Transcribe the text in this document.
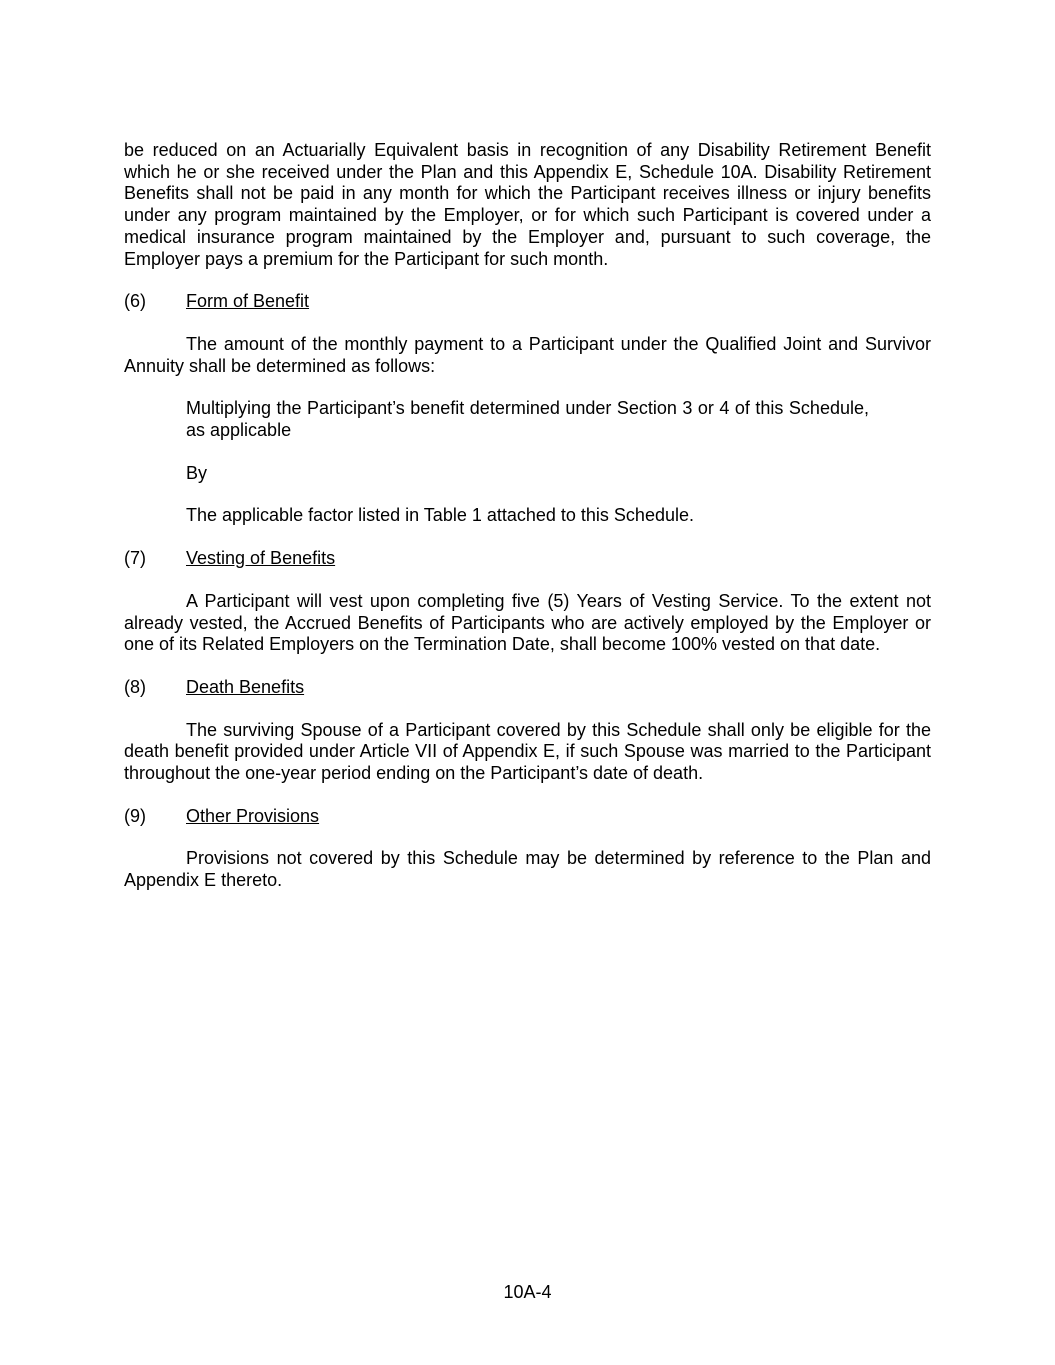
be reduced on an Actuarially Equivalent basis in recognition of any Disability Retirement Benefit which he or she received under the Plan and this Appendix E, Schedule 10A. Disability Retirement Benefits shall not be paid in any month for which the Participant receives illness or injury benefits under any program maintained by the Employer, or for which such Participant is covered under a medical insurance program maintained by the Employer and, pursuant to such coverage, the Employer pays a premium for the Participant for such month.

(6)	Form of Benefit

The amount of the monthly payment to a Participant under the Qualified Joint and Survivor Annuity shall be determined as follows:

Multiplying the Participant’s benefit determined under Section 3 or 4 of this Schedule, as applicable

By

The applicable factor listed in Table 1 attached to this Schedule.

(7)	Vesting of Benefits

A Participant will vest upon completing five (5) Years of Vesting Service. To the extent not already vested, the Accrued Benefits of Participants who are actively employed by the Employer or one of its Related Employers on the Termination Date, shall become 100% vested on that date.

(8)	Death Benefits

The surviving Spouse of a Participant covered by this Schedule shall only be eligible for the death benefit provided under Article VII of Appendix E, if such Spouse was married to the Participant throughout the one-year period ending on the Participant’s date of death.

(9)	Other Provisions

Provisions not covered by this Schedule may be determined by reference to the Plan and Appendix E thereto.

10A-4
